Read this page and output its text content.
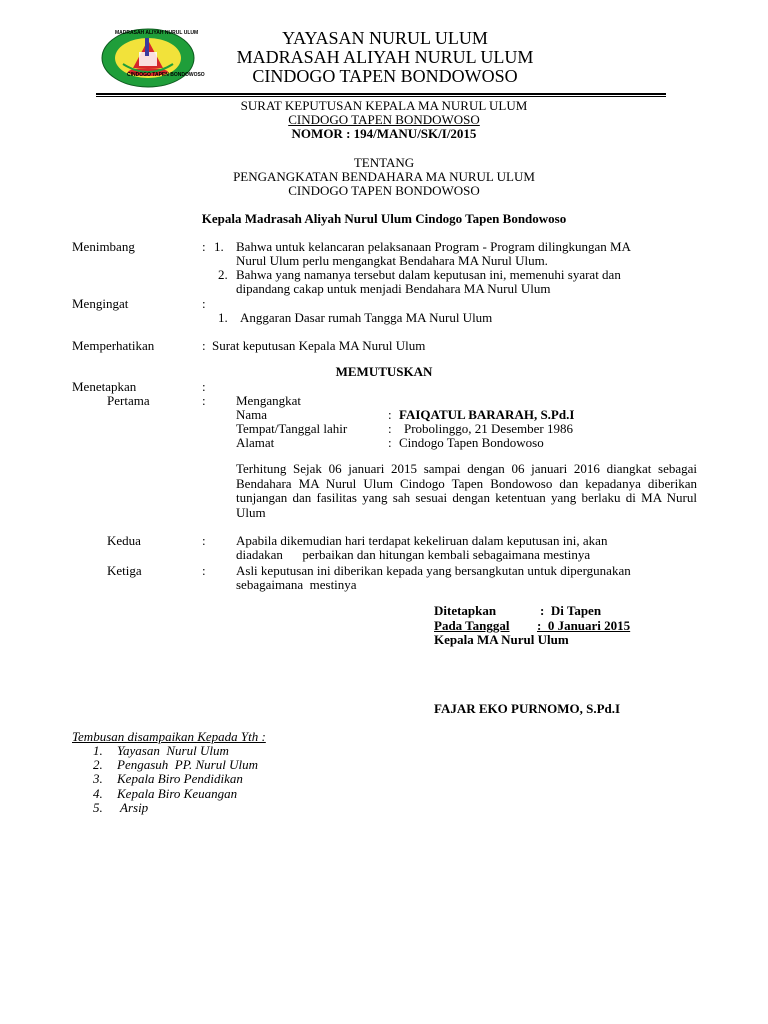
MADRASAH ALIYAH NURUL ULUM
CINDOGO TAPEN BONDOWOSO
YAYASAN NURUL ULUM
MADRASAH ALIYAH NURUL ULUM
CINDOGO TAPEN BONDOWOSO
SURAT KEPUTUSAN KEPALA MA NURUL ULUM
CINDOGO TAPEN BONDOWOSO
NOMOR : 194/MANU/SK/I/2015
TENTANG
PENGANGKATAN BENDAHARA MA NURUL ULUM
CINDOGO TAPEN BONDOWOSO
Kepala Madrasah Aliyah Nurul Ulum Cindogo Tapen Bondowoso
Menimbang	: 1. Bahwa untuk kelancaran pelaksanaan Program - Program dilingkungan MA
Nurul Ulum perlu mengangkat Bendahara MA Nurul Ulum.
2. Bahwa yang namanya tersebut dalam keputusan ini, memenuhi syarat dan
dipandang cakap untuk menjadi Bendahara MA Nurul Ulum
Mengingat	:
1. Anggaran Dasar rumah Tangga MA Nurul Ulum
Memperhatikan	: Surat keputusan Kepala MA Nurul Ulum
MEMUTUSKAN
Menetapkan	:
Pertama	: Mengangkat
Nama	: FAIQATUL BARARAH, S.Pd.I
Tempat/Tanggal lahir	: Probolinggo, 21 Desember 1986
Alamat	: Cindogo Tapen Bondowoso
Terhitung Sejak 06 januari 2015 sampai dengan 06 januari 2016 diangkat sebagai Bendahara MA Nurul Ulum Cindogo Tapen Bondowoso dan kepadanya diberikan tunjangan dan fasilitas yang sah sesuai dengan ketentuan yang berlaku di MA Nurul Ulum
Kedua	: Apabila dikemudian hari terdapat kekeliruan dalam keputusan ini, akan
diadakan      perbaikan dan hitungan kembali sebagaimana mestinya
Ketiga	: Asli keputusan ini diberikan kepada yang bersangkutan untuk dipergunakan
sebagaimana  mestinya
Ditetapkan	:  Di Tapen
Pada Tanggal :  0 Januari 2015
Kepala MA Nurul Ulum
FAJAR EKO PURNOMO, S.Pd.I
Tembusan disampaikan Kepada Yth :
1. Yayasan  Nurul Ulum
2. Pengasuh  PP. Nurul Ulum
3. Kepala Biro Pendidikan
4. Kepala Biro Keuangan
5. Arsip
